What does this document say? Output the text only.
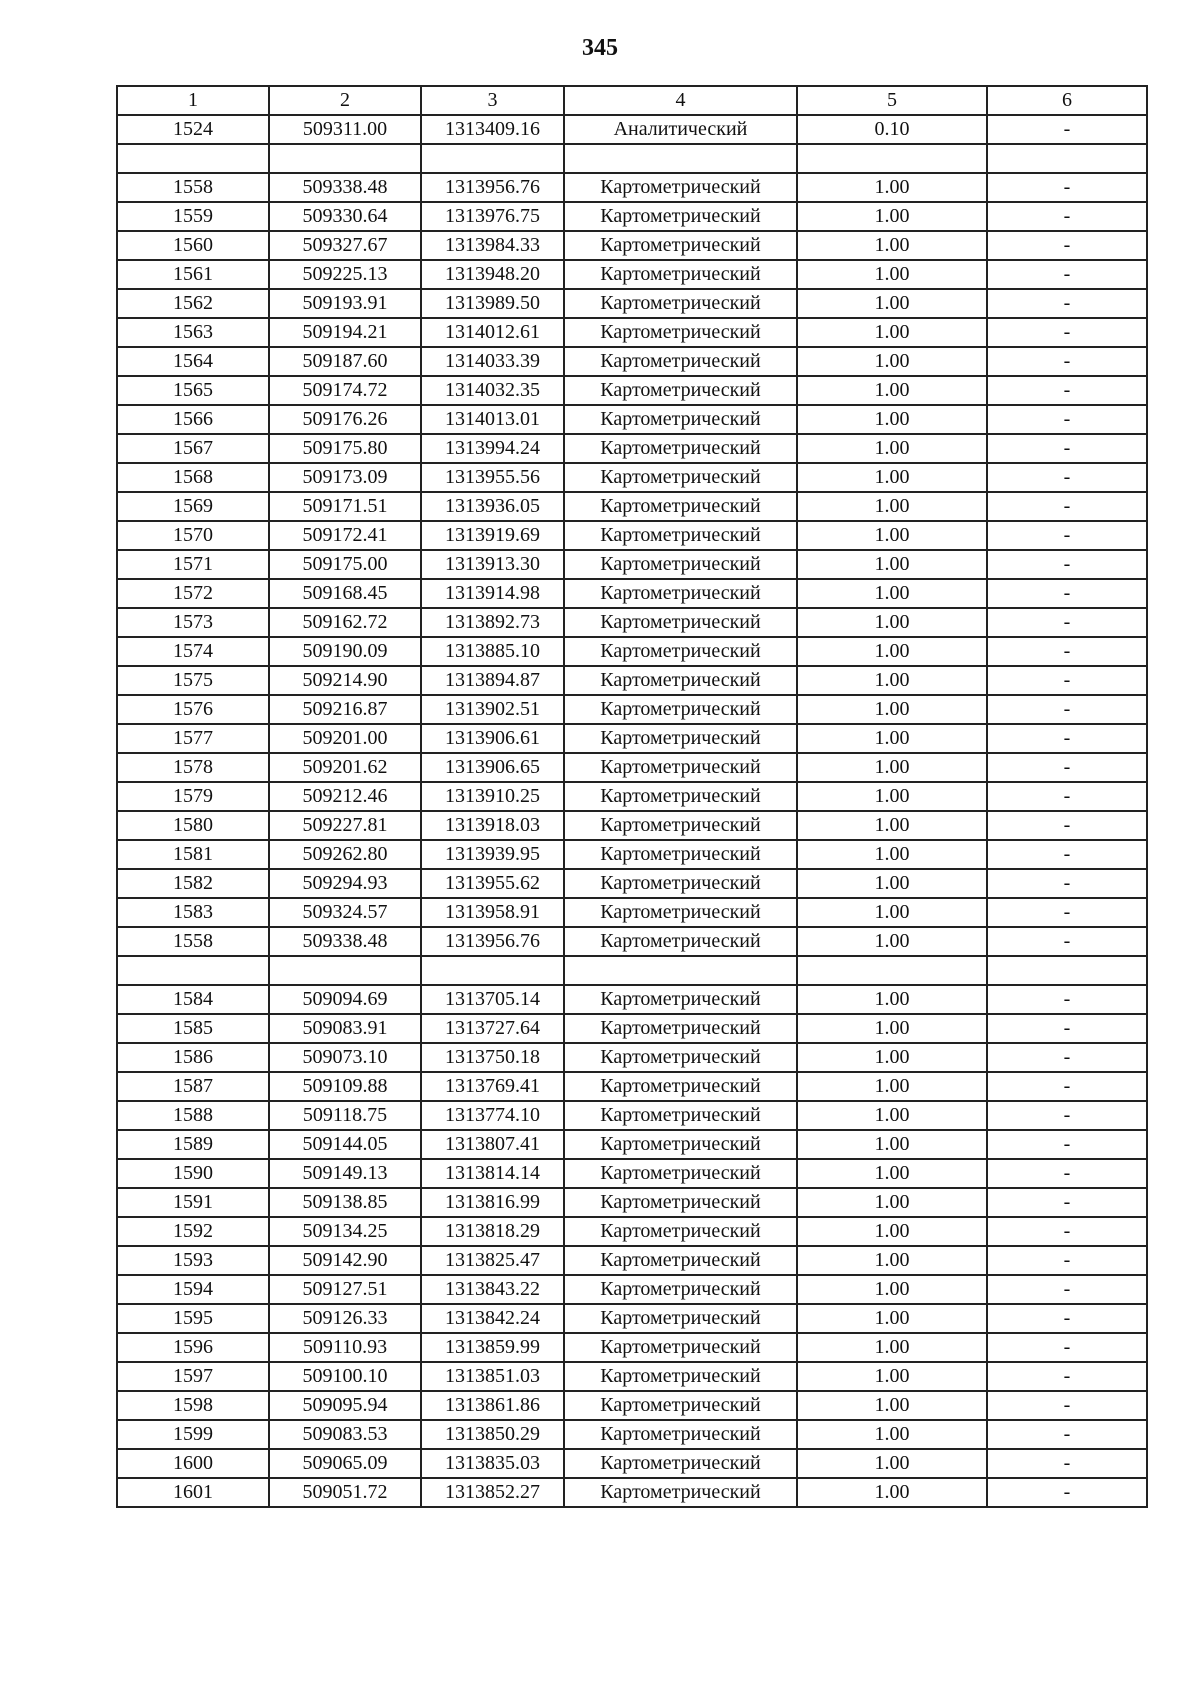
345
1	2	3	4	5	6
1524	509311.00	1313409.16	Аналитический	0.10	-

1558	509338.48	1313956.76	Картометрический	1.00	-
1559	509330.64	1313976.75	Картометрический	1.00	-
1560	509327.67	1313984.33	Картометрический	1.00	-
1561	509225.13	1313948.20	Картометрический	1.00	-
1562	509193.91	1313989.50	Картометрический	1.00	-
1563	509194.21	1314012.61	Картометрический	1.00	-
1564	509187.60	1314033.39	Картометрический	1.00	-
1565	509174.72	1314032.35	Картометрический	1.00	-
1566	509176.26	1314013.01	Картометрический	1.00	-
1567	509175.80	1313994.24	Картометрический	1.00	-
1568	509173.09	1313955.56	Картометрический	1.00	-
1569	509171.51	1313936.05	Картометрический	1.00	-
1570	509172.41	1313919.69	Картометрический	1.00	-
1571	509175.00	1313913.30	Картометрический	1.00	-
1572	509168.45	1313914.98	Картометрический	1.00	-
1573	509162.72	1313892.73	Картометрический	1.00	-
1574	509190.09	1313885.10	Картометрический	1.00	-
1575	509214.90	1313894.87	Картометрический	1.00	-
1576	509216.87	1313902.51	Картометрический	1.00	-
1577	509201.00	1313906.61	Картометрический	1.00	-
1578	509201.62	1313906.65	Картометрический	1.00	-
1579	509212.46	1313910.25	Картометрический	1.00	-
1580	509227.81	1313918.03	Картометрический	1.00	-
1581	509262.80	1313939.95	Картометрический	1.00	-
1582	509294.93	1313955.62	Картометрический	1.00	-
1583	509324.57	1313958.91	Картометрический	1.00	-
1558	509338.48	1313956.76	Картометрический	1.00	-

1584	509094.69	1313705.14	Картометрический	1.00	-
1585	509083.91	1313727.64	Картометрический	1.00	-
1586	509073.10	1313750.18	Картометрический	1.00	-
1587	509109.88	1313769.41	Картометрический	1.00	-
1588	509118.75	1313774.10	Картометрический	1.00	-
1589	509144.05	1313807.41	Картометрический	1.00	-
1590	509149.13	1313814.14	Картометрический	1.00	-
1591	509138.85	1313816.99	Картометрический	1.00	-
1592	509134.25	1313818.29	Картометрический	1.00	-
1593	509142.90	1313825.47	Картометрический	1.00	-
1594	509127.51	1313843.22	Картометрический	1.00	-
1595	509126.33	1313842.24	Картометрический	1.00	-
1596	509110.93	1313859.99	Картометрический	1.00	-
1597	509100.10	1313851.03	Картометрический	1.00	-
1598	509095.94	1313861.86	Картометрический	1.00	-
1599	509083.53	1313850.29	Картометрический	1.00	-
1600	509065.09	1313835.03	Картометрический	1.00	-
1601	509051.72	1313852.27	Картометрический	1.00	-
